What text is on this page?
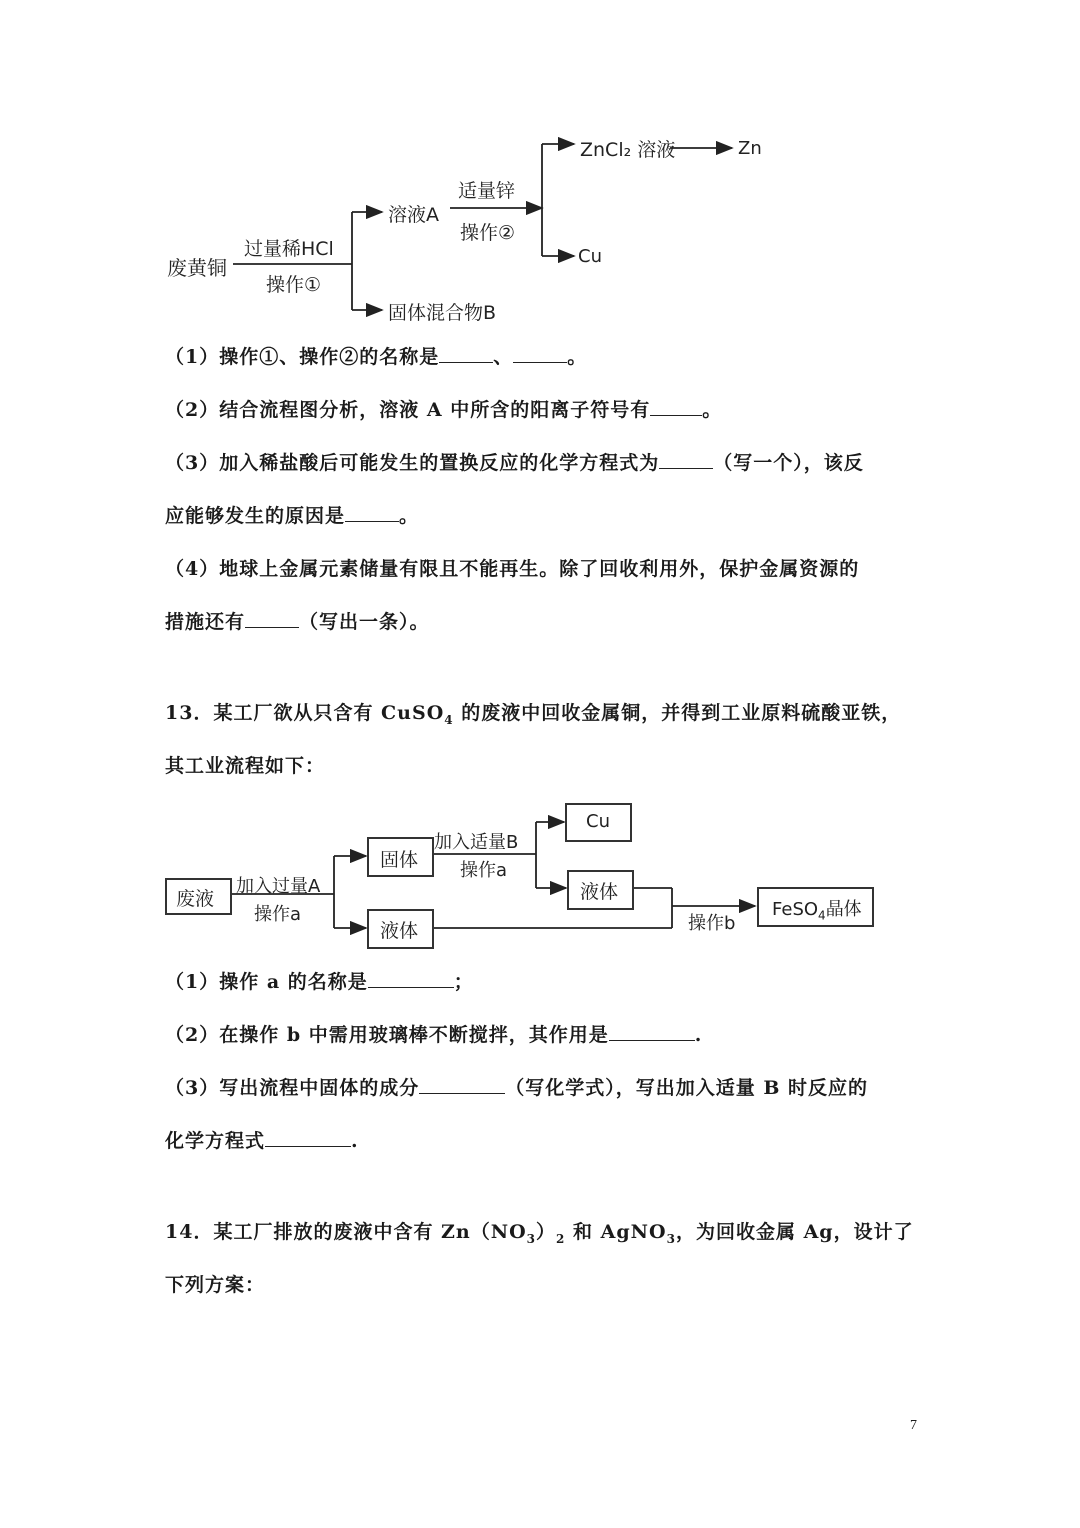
废黄铜
过量稀HCl
操作①
溶液A
固体混合物B
适量锌
操作②
ZnCl₂ 溶液	Zn
Cu
（1）操作①、操作②的名称是	、	。
（2）结合流程图分析，溶液 A 中所含的阳离子符号有	。
（3）加入稀盐酸后可能发生的置换反应的化学方程式为	（写一个），该反
应能够发生的原因是	。
（4）地球上金属元素储量有限且不能再生。除了回收利用外，保护金属资源的
措施还有	（写出一条）。
13．某工厂欲从只含有 CuSO$_4$ 的废液中回收金属铜，并得到工业原料硫酸亚铁，
其工业流程如下：
废液
加入过量A
操作a
固体
液体
加入适量B
操作a
Cu
液体
操作b
FeSO$_4$晶体
（1）操作 a 的名称是	；
（2）在操作 b 中需用玻璃棒不断搅拌，其作用是	.
（3）写出流程中固体的成分	（写化学式），写出加入适量 B 时反应的
化学方程式	.
14．某工厂排放的废液中含有 $Zn(NO_3)_2$ 和 AgNO$_3$，为回收金属 Ag，设计了
下列方案：
7
